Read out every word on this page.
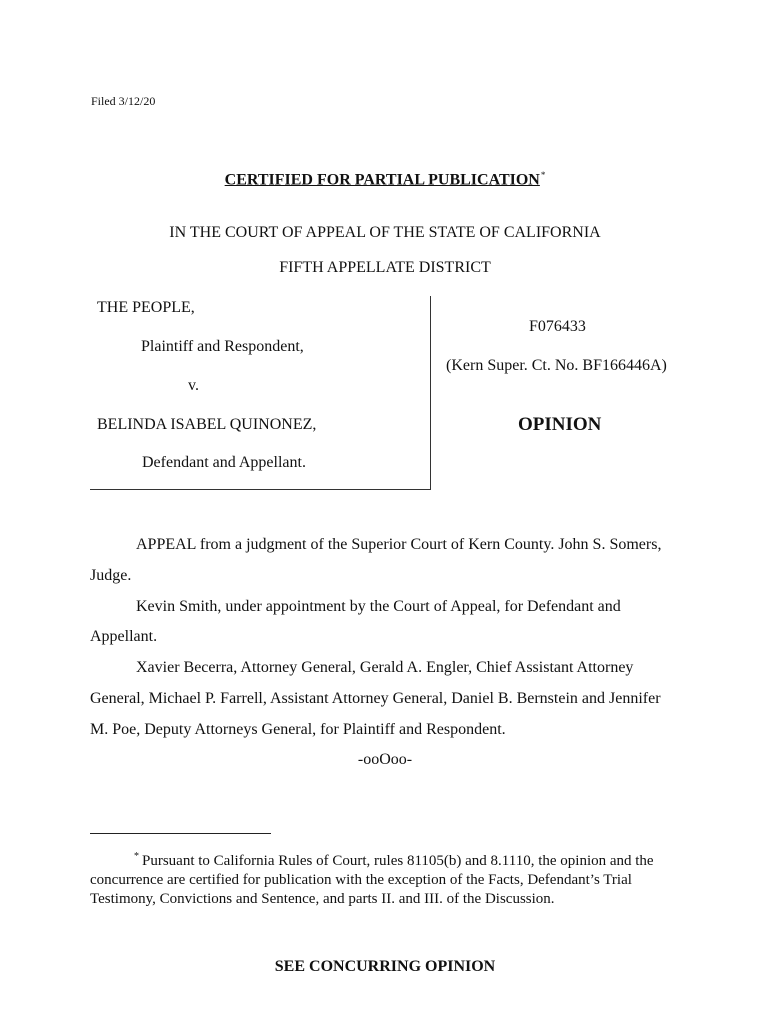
Filed 3/12/20
CERTIFIED FOR PARTIAL PUBLICATION*
IN THE COURT OF APPEAL OF THE STATE OF CALIFORNIA
FIFTH APPELLATE DISTRICT
THE PEOPLE,
Plaintiff and Respondent,
v.
BELINDA ISABEL QUINONEZ,
Defendant and Appellant.
F076433
(Kern Super. Ct. No. BF166446A)
OPINION
APPEAL from a judgment of the Superior Court of Kern County. John S. Somers,
Judge.
Kevin Smith, under appointment by the Court of Appeal, for Defendant and
Appellant.
Xavier Becerra, Attorney General, Gerald A. Engler, Chief Assistant Attorney
General, Michael P. Farrell, Assistant Attorney General, Daniel B. Bernstein and Jennifer
M. Poe, Deputy Attorneys General, for Plaintiff and Respondent.
-ooOoo-
* Pursuant to California Rules of Court, rules 81105(b) and 8.1110, the opinion and the concurrence are certified for publication with the exception of the Facts, Defendant’s Trial Testimony, Convictions and Sentence, and parts II. and III. of the Discussion.
SEE CONCURRING OPINION
